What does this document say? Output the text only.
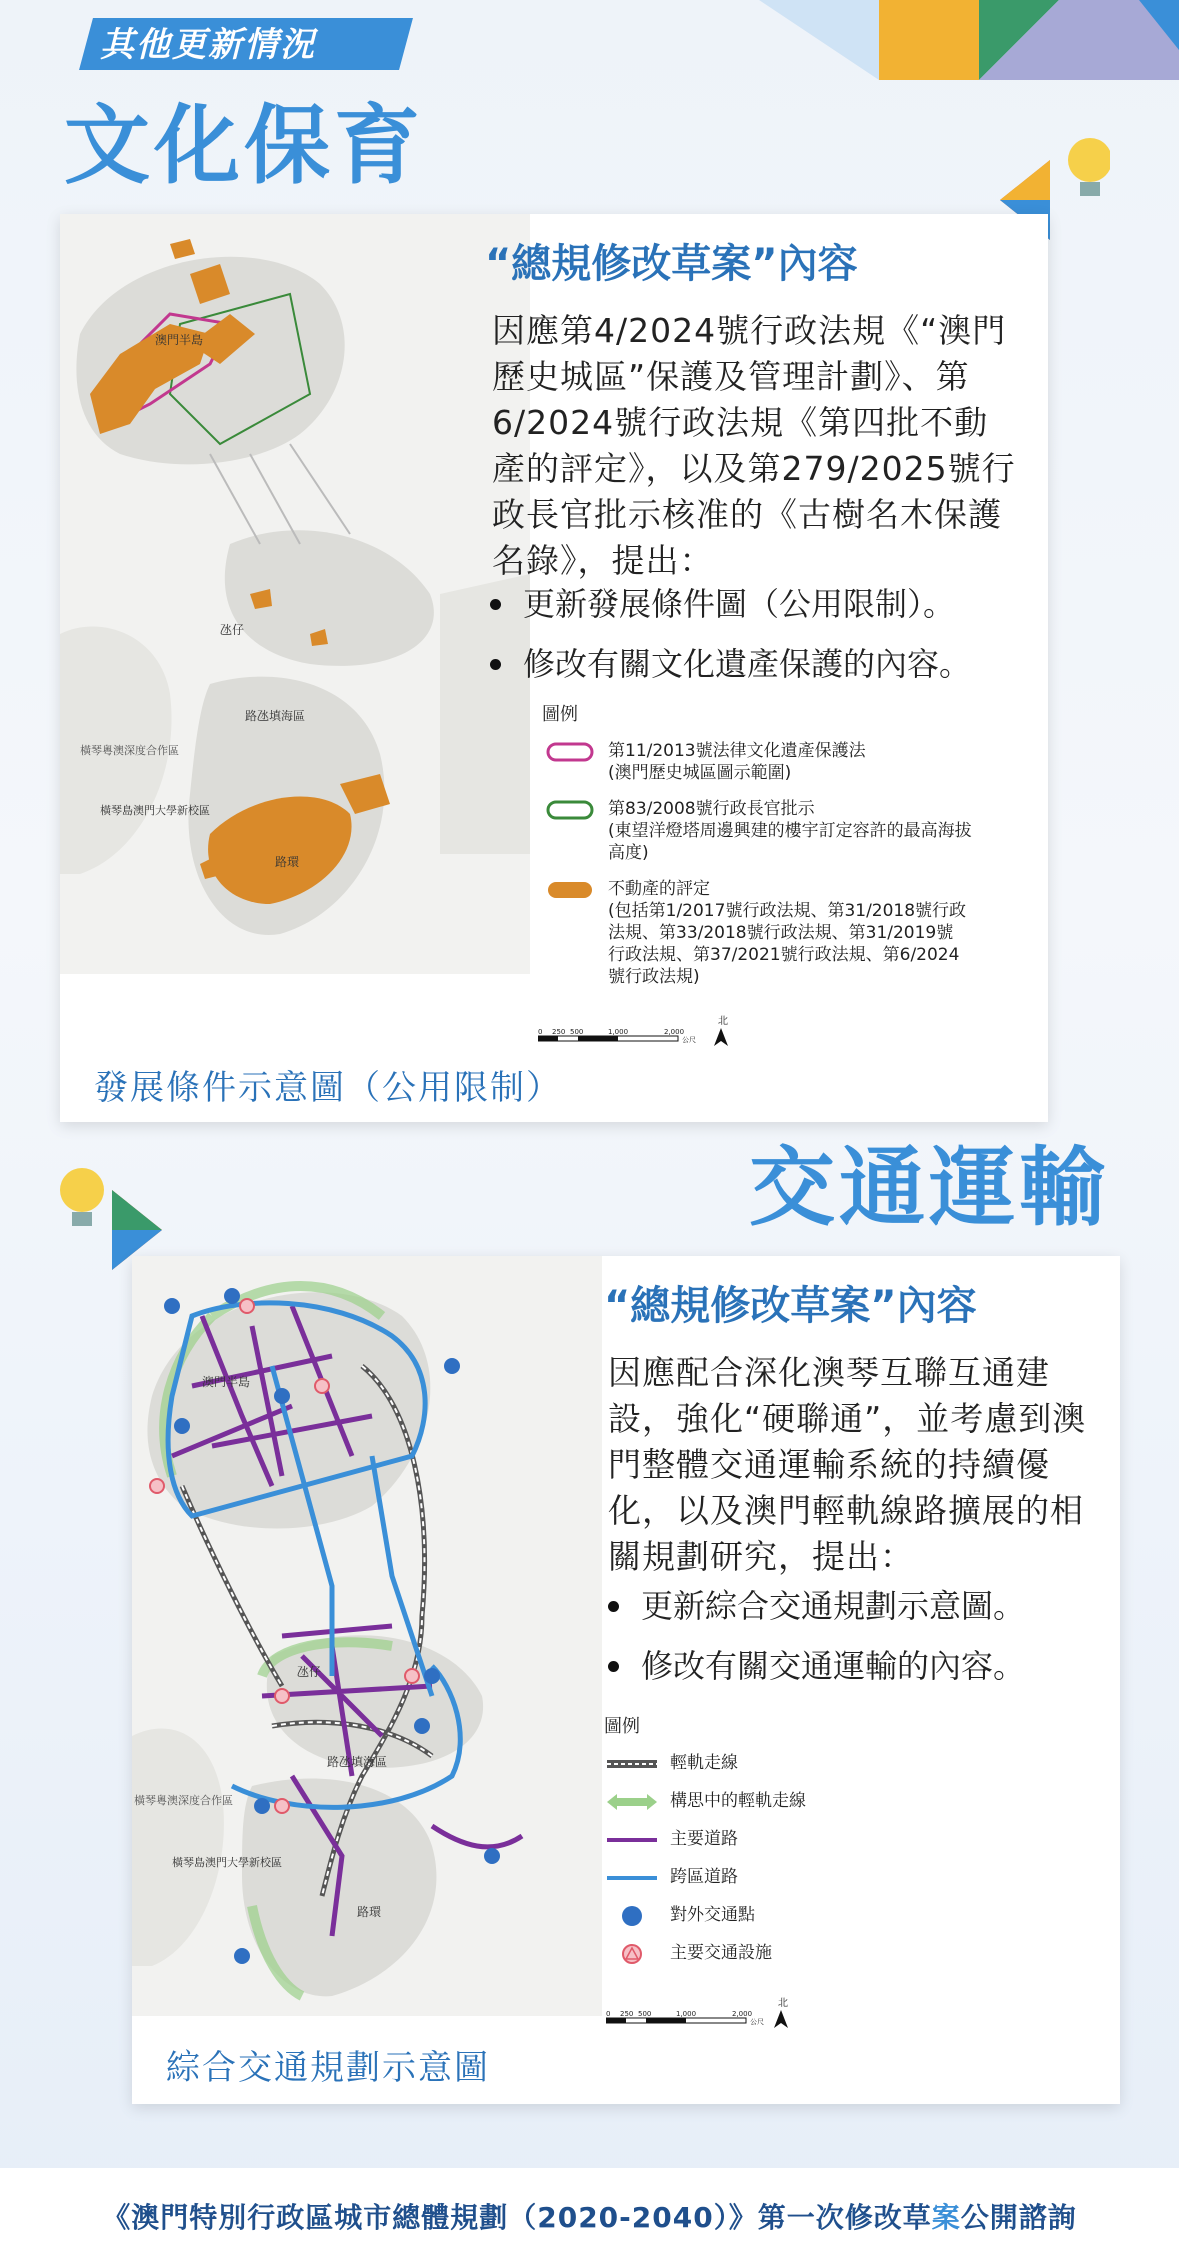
其他更新情況
文化保育
澳門半島
氹仔
路氹填海區
橫琴粵澳深度合作區
橫琴島澳門大學新校區
路環
“總規修改草案”內容
因應第4/2024號行政法規《“澳門歷史城區”保護及管理計劃》、第6/2024號行政法規《第四批不動產的評定》，以及第279/2025號行政長官批示核准的《古樹名木保護名錄》，提出：
更新發展條件圖（公用限制）。
修改有關文化遺產保護的內容。
圖例
第11/2013號法律文化遺產保護法
(澳門歷史城區圖示範圍)
第83/2008號行政長官批示
(東望洋燈塔周邊興建的樓宇訂定容許的最高海拔高度)
不動產的評定
(包括第1/2017號行政法規、第31/2018號行政法規、第33/2018號行政法規、第31/2019號行政法規、第37/2021號行政法規、第6/2024號行政法規)
北
0 250 500	1,000	2,000
公尺
發展條件示意圖（公用限制）
交通運輸
澳門半島
氹仔
路氹填海區
橫琴粵澳深度合作區
橫琴島澳門大學新校區
路環
“總規修改草案”內容
因應配合深化澳琴互聯互通建設，強化“硬聯通”，並考慮到澳門整體交通運輸系統的持續優化，以及澳門輕軌線路擴展的相關規劃研究，提出：
更新綜合交通規劃示意圖。
修改有關交通運輸的內容。
圖例
輕軌走線
構思中的輕軌走線
主要道路
跨區道路
對外交通點
主要交通設施
北
0 250 500	1,000	2,000
公尺
綜合交通規劃示意圖
《澳門特別行政區城市總體規劃（2020-2040）》第一次修改草案公開諮詢
